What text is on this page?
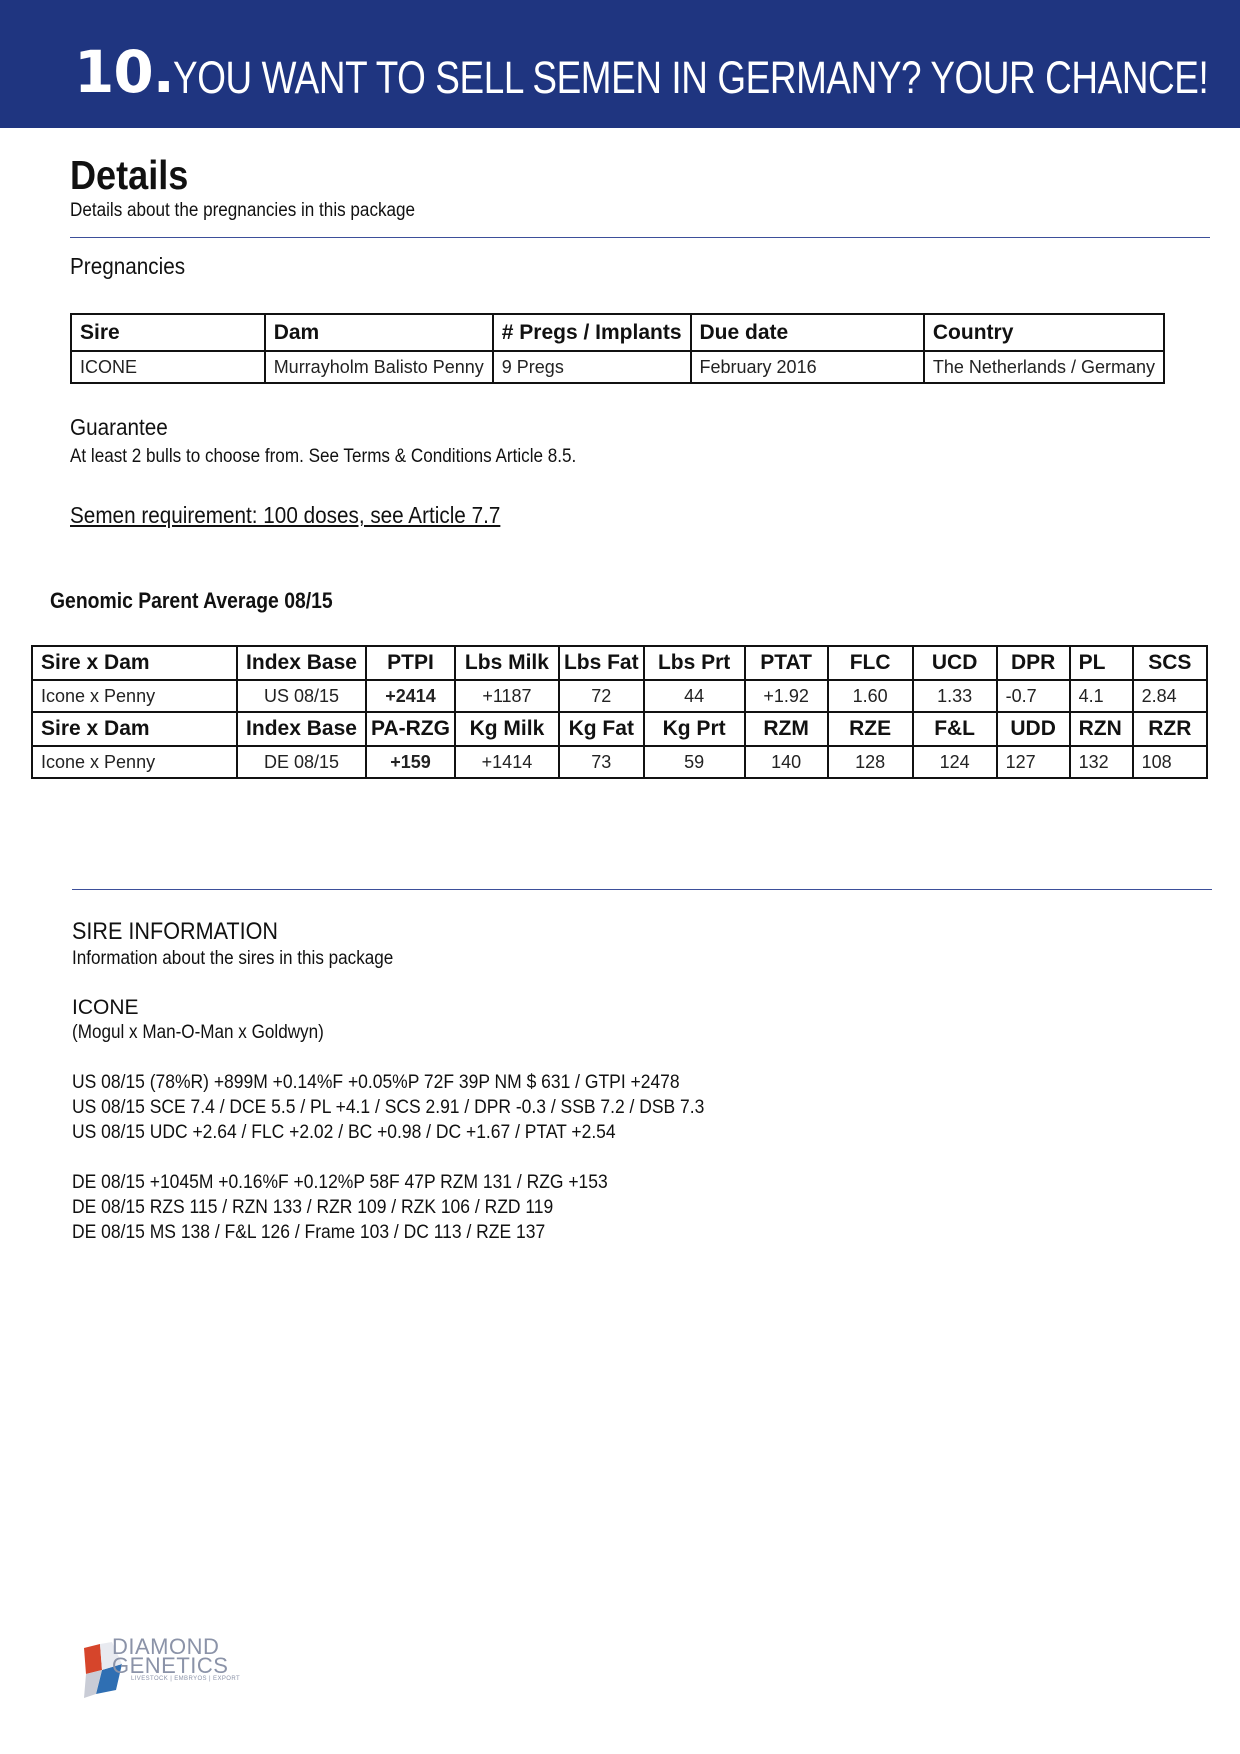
10. YOU WANT TO SELL SEMEN IN GERMANY? YOUR CHANCE!
Details
Details about the pregnancies in this package
Pregnancies
Sire	Dam	# Pregs / Implants	Due date	Country
ICONE	Murrayholm Balisto Penny	9 Pregs	February 2016	The Netherlands / Germany
Guarantee
At least 2 bulls to choose from. See Terms & Conditions Article 8.5.
Semen requirement: 100 doses, see Article 7.7
Genomic Parent Average 08/15
Sire x Dam	Index Base	PTPI	Lbs Milk	Lbs Fat	Lbs Prt	PTAT	FLC	UCD	DPR	PL	SCS
Icone x Penny	US 08/15	+2414	+1187	72	44	+1.92	1.60	1.33	-0.7	4.1	2.84
Sire x Dam	Index Base	PA-RZG	Kg Milk	Kg Fat	Kg Prt	RZM	RZE	F&L	UDD	RZN	RZR
Icone x Penny	DE 08/15	+159	+1414	73	59	140	128	124	127	132	108
SIRE INFORMATION
Information about the sires in this package
ICONE
(Mogul x Man-O-Man x Goldwyn)
US 08/15 (78%R) +899M +0.14%F +0.05%P 72F 39P NM $ 631 / GTPI +2478
US 08/15 SCE 7.4 / DCE 5.5 / PL +4.1 / SCS 2.91 / DPR -0.3 / SSB 7.2 / DSB 7.3
US 08/15 UDC +2.64 / FLC +2.02 / BC +0.98 / DC +1.67 / PTAT +2.54
DE 08/15 +1045M +0.16%F +0.12%P 58F 47P RZM 131 / RZG +153
DE 08/15 RZS 115 / RZN 133 / RZR 109 / RZK 106 / RZD 119
DE 08/15 MS 138 / F&L 126 / Frame 103 / DC 113 / RZE 137
DIAMOND
GENETICS
LIVESTOCK | EMBRYOS | EXPORT
